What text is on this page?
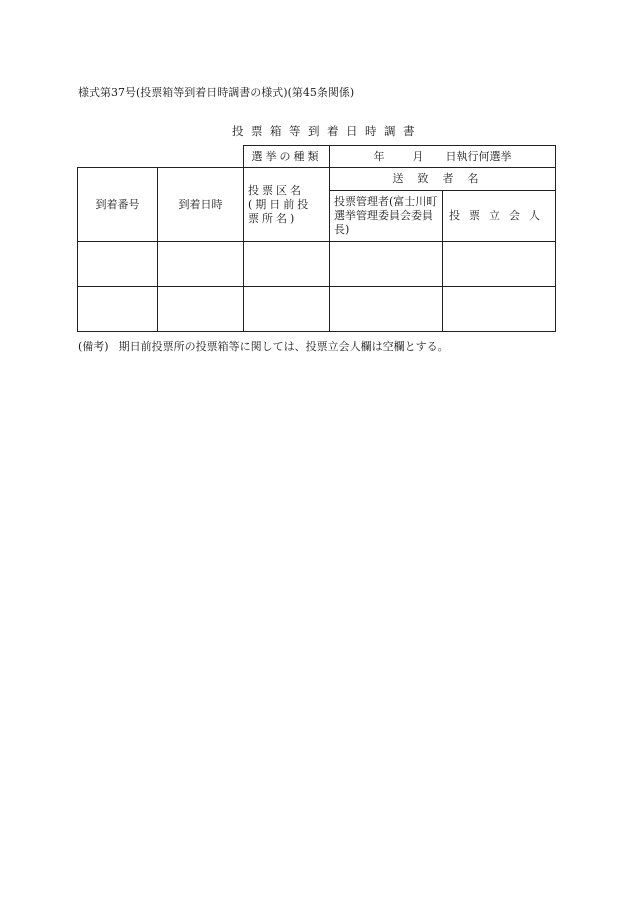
様式第37号(投票箱等到着日時調書の様式)(第45条関係)
投票箱等到着日時調書
		選挙の種類	年 月 日執行何選挙	
到着番号	到着日時	投票区名(期日前投票所名)	送致者名	
			投票管理者(富士川町選挙管理委員会委員長)	投票立会人

(備考) 期日前投票所の投票箱等に関しては、投票立会人欄は空欄とする。
